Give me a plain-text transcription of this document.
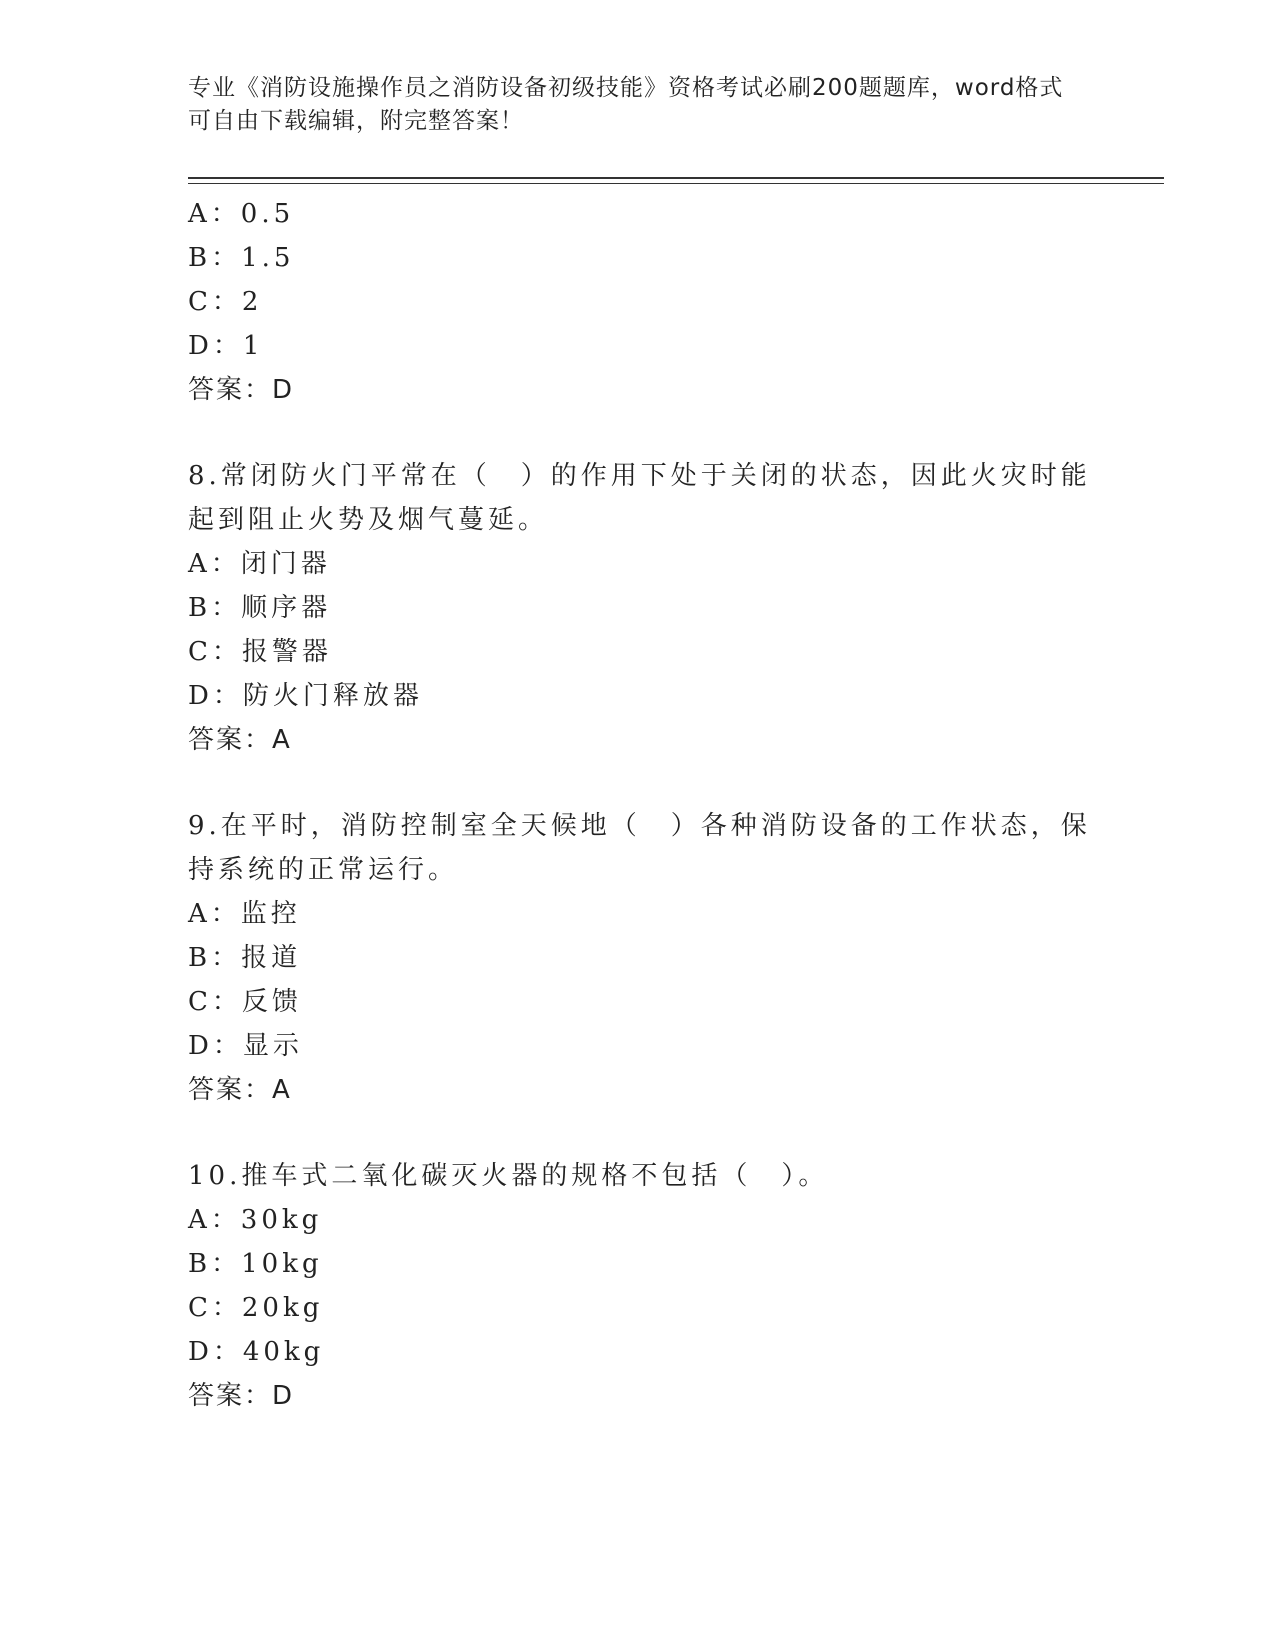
专业《消防设施操作员之消防设备初级技能》资格考试必刷200题题库，word格式可自由下载编辑，附完整答案！
A：0.5
B：1.5
C：2
D：1
答案：D
8.常闭防火门平常在（　）的作用下处于关闭的状态，因此火灾时能
起到阻止火势及烟气蔓延。
A：闭门器
B：顺序器
C：报警器
D：防火门释放器
答案：A
9.在平时，消防控制室全天候地（　）各种消防设备的工作状态，保
持系统的正常运行。
A：监控
B：报道
C：反馈
D：显示
答案：A
10.推车式二氧化碳灭火器的规格不包括（　）。
A：30kg
B：10kg
C：20kg
D：40kg
答案：D
